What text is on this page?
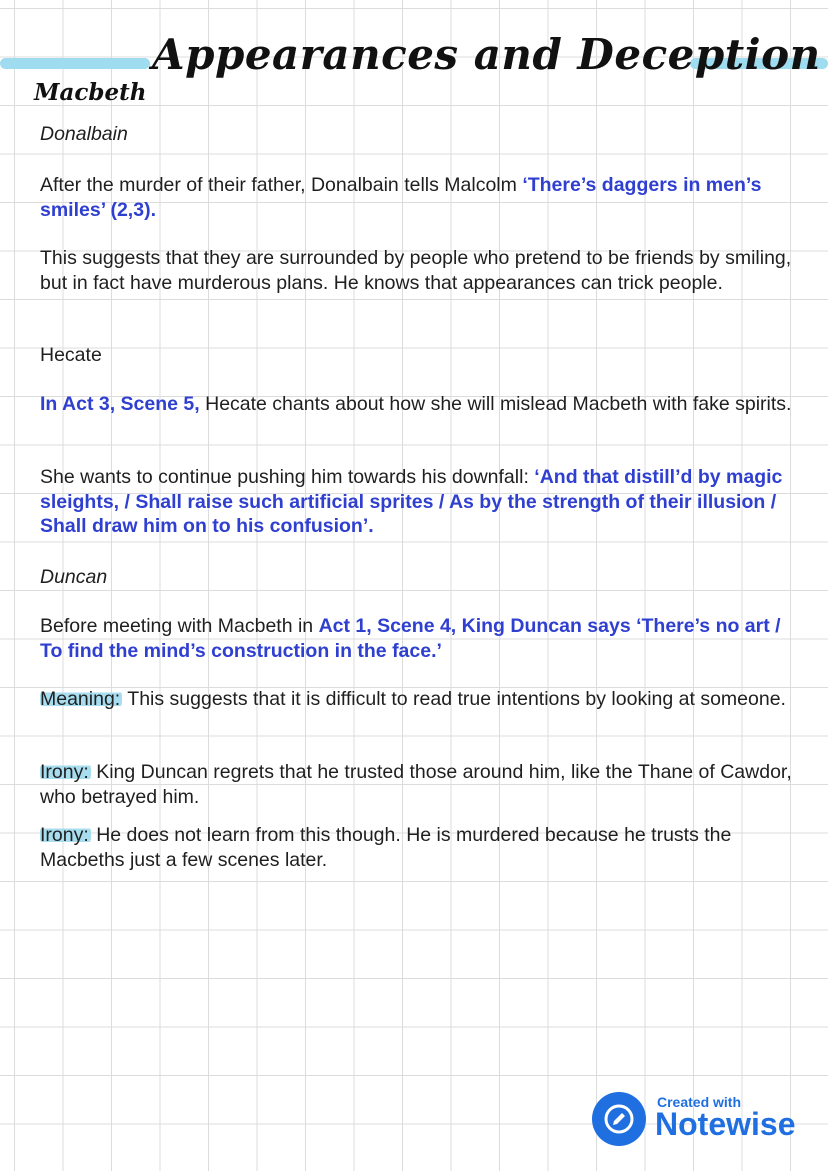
Appearances and Deception
Macbeth

Donalbain

After the murder of their father, Donalbain tells Malcolm ‘There’s daggers in men’s smiles’ (2,3).

This suggests that they are surrounded by people who pretend to be friends by smiling, but in fact have murderous plans. He knows that appearances can trick people.

Hecate

In Act 3, Scene 5, Hecate chants about how she will mislead Macbeth with fake spirits.

She wants to continue pushing him towards his downfall: ‘And that distill’d by magic sleights, / Shall raise such artificial sprites / As by the strength of their illusion / Shall draw him on to his confusion’.

Duncan

Before meeting with Macbeth in Act 1, Scene 4, King Duncan says ‘There’s no art / To find the mind’s construction in the face.’

Meaning: This suggests that it is difficult to read true intentions by looking at someone.

Irony: King Duncan regrets that he trusted those around him, like the Thane of Cawdor, who betrayed him.

Irony: He does not learn from this though. He is murdered because he trusts the Macbeths just a few scenes later.

Created with
Notewise
